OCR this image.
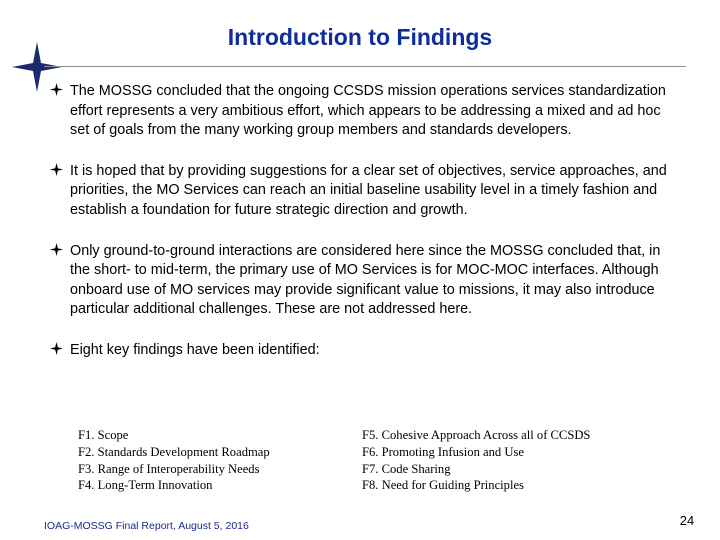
Introduction to Findings
The MOSSG concluded that the ongoing CCSDS mission operations services standardization effort represents a very ambitious effort, which appears to be addressing a mixed and ad hoc set of goals from the many working group members and standards developers.
It is hoped that by providing suggestions for a clear set of objectives, service approaches, and priorities, the MO Services can reach an initial baseline usability level in a timely fashion and establish a foundation for future strategic direction and growth.
Only ground-to-ground interactions are considered here since the MOSSG concluded that, in the short- to mid-term, the primary use of MO Services is for MOC-MOC interfaces. Although onboard use of MO services may provide significant value to missions, it may also introduce particular additional challenges. These are not addressed here.
Eight key findings have been identified:
F1. Scope
F2. Standards Development Roadmap
F3. Range of Interoperability Needs
F4. Long-Term Innovation
F5. Cohesive Approach Across all of CCSDS
F6. Promoting Infusion and Use
F7. Code Sharing
F8. Need for Guiding Principles
IOAG-MOSSG Final Report, August 5, 2016	24
